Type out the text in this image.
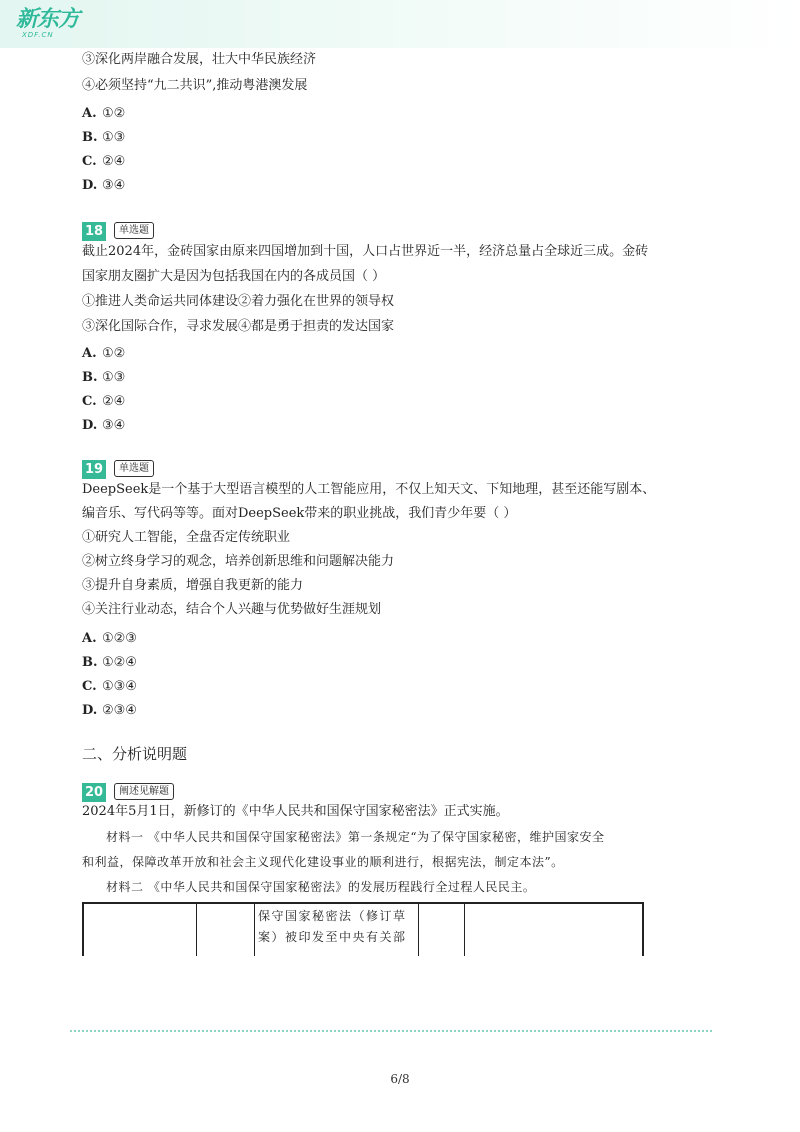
新东方
XDF.CN
③深化两岸融合发展，壮大中华民族经济
④必须坚持“九二共识”,推动粤港澳发展
A. ①②
B. ①③
C. ②④
D. ③④
18	单选题
截止2024年，金砖国家由原来四国增加到十国，人口占世界近一半，经济总量占全球近三成。金砖
国家朋友圈扩大是因为包括我国在内的各成员国（ ）
①推进人类命运共同体建设②着力强化在世界的领导权
③深化国际合作，寻求发展④都是勇于担责的发达国家
A. ①②
B. ①③
C. ②④
D. ③④
19	单选题
DeepSeek是一个基于大型语言模型的人工智能应用，不仅上知天文、下知地理，甚至还能写剧本、
编音乐、写代码等等。面对DeepSeek带来的职业挑战，我们青少年要（ ）
①研究人工智能，全盘否定传统职业
②树立终身学习的观念，培养创新思维和问题解决能力
③提升自身素质，增强自我更新的能力
④关注行业动态，结合个人兴趣与优势做好生涯规划
A. ①②③
B. ①②④
C. ①③④
D. ②③④
二、分析说明题
20	阐述见解题
2024年5月1日，新修订的《中华人民共和国保守国家秘密法》正式实施。
材料一 《中华人民共和国保守国家秘密法》第一条规定“为了保守国家秘密，维护国家安全
和利益，保障改革开放和社会主义现代化建设事业的顺利进行，根据宪法，制定本法”。
材料二 《中华人民共和国保守国家秘密法》的发展历程践行全过程人民民主。
保守国家秘密法（修订草案）被印发至中央有关部
6/8
